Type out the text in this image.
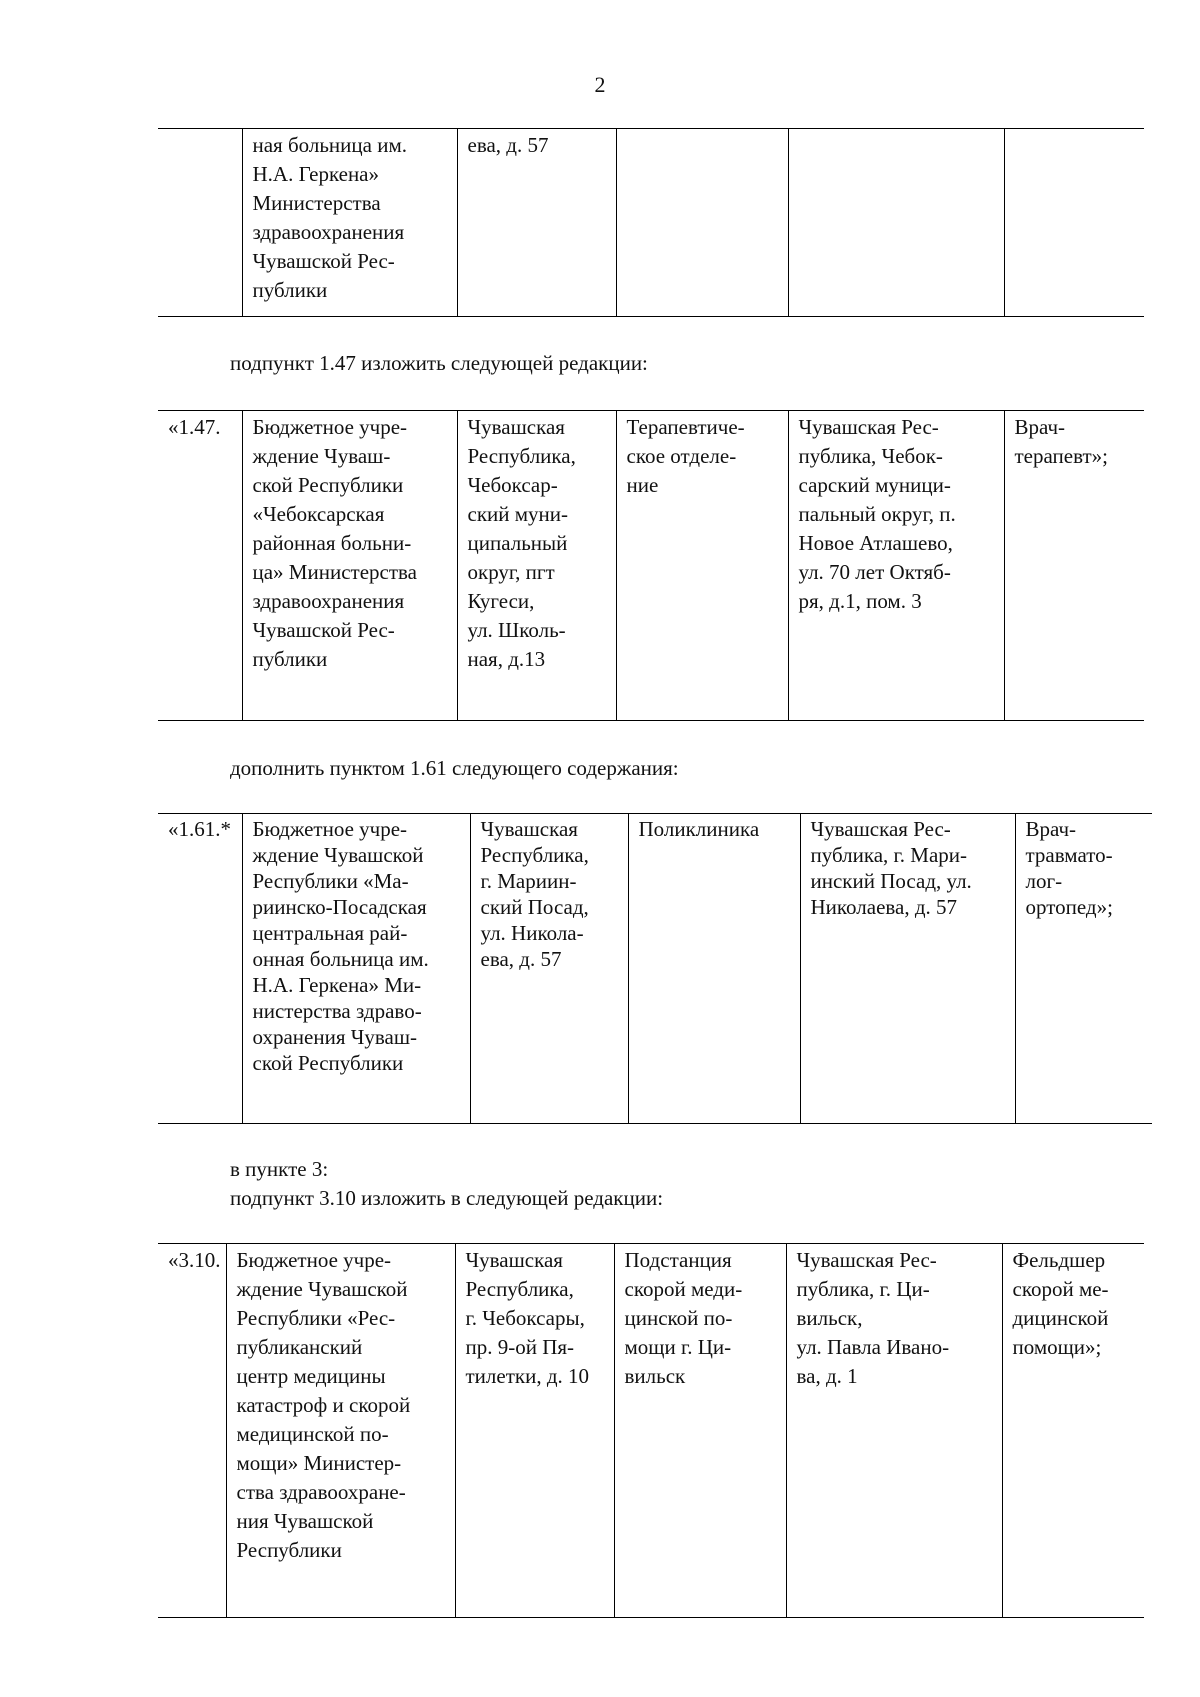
2
	ная больница им.
Н.А. Геркена»
Министерства
здравоохранения
Чувашской Рес-
публики	ева, д. 57			
подпункт 1.47 изложить следующей редакции:
«1.47.	Бюджетное учре-
ждение Чуваш-
ской Республики
«Чебоксарская
районная больни-
ца» Министерства
здравоохранения
Чувашской Рес-
публики	Чувашская
Республика,
Чебоксар-
ский муни-
ципальный
округ, пгт
Кугеси,
ул. Школь-
ная, д.13	Терапевтиче-
ское отделе-
ние	Чувашская Рес-
публика, Чебок-
сарский муници-
пальный округ, п.
Новое Атлашево,
ул. 70 лет Октяб-
ря, д.1, пом. 3	Врач-
терапевт»;
дополнить пунктом 1.61 следующего содержания:
«1.61.*	Бюджетное учре-
ждение Чувашской
Республики «Ма-
риинско-Посадская
центральная рай-
онная больница им.
Н.А. Геркена» Ми-
нистерства здраво-
охранения Чуваш-
ской Республики	Чувашская
Республика,
г. Мариин-
ский Посад,
ул. Никола-
ева, д. 57	Поликлиника	Чувашская Рес-
публика, г. Мари-
инский Посад, ул.
Николаева, д. 57	Врач-
травмато-
лог-
ортопед»;
в пункте 3:
подпункт 3.10 изложить в следующей редакции:
«3.10.	Бюджетное учре-
ждение Чувашской
Республики «Рес-
публиканский
центр медицины
катастроф и скорой
медицинской по-
мощи» Министер-
ства здравоохране-
ния Чувашской
Республики	Чувашская
Республика,
г. Чебоксары,
пр. 9-ой Пя-
тилетки, д. 10	Подстанция
скорой меди-
цинской по-
мощи г. Ци-
вильск	Чувашская Рес-
публика, г. Ци-
вильск,
ул. Павла Ивано-
ва, д. 1	Фельдшер
скорой ме-
дицинской
помощи»;
